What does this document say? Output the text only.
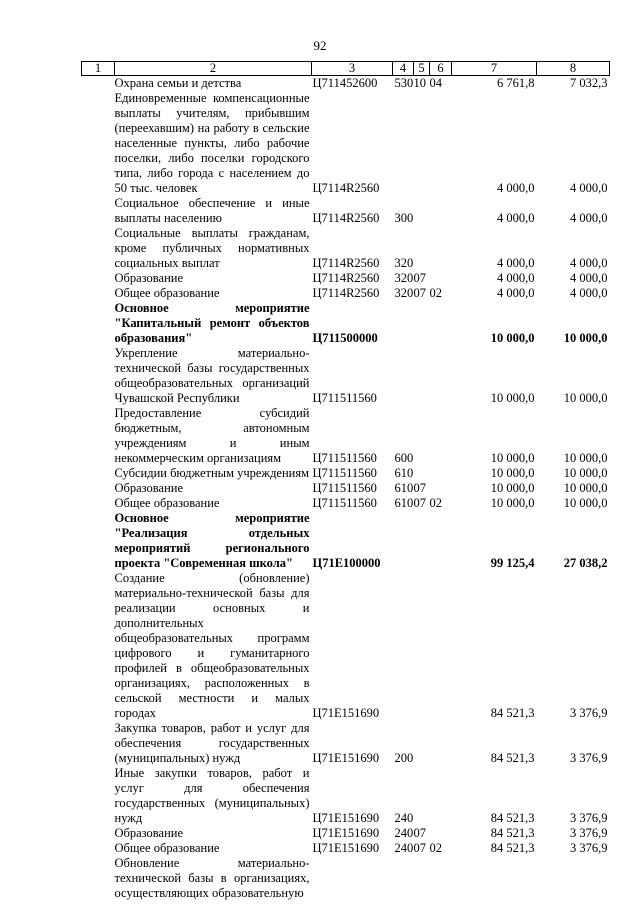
92
1	2	3	4	5	6	7	8
	Охрана семьи и детства	Ц711452600	530	10	04	6 761,8	7 032,3
	Единовременные компенсационные выплаты учителям, прибывшим (переехавшим) на работу в сельские населенные пункты, либо рабочие поселки, либо поселки городского типа, либо города с населением до 50 тыс. человек	Ц7114R2560				4 000,0	4 000,0
	Социальное обеспечение и иные выплаты населению	Ц7114R2560	300			4 000,0	4 000,0
	Социальные выплаты гражданам, кроме публичных нормативных социальных выплат	Ц7114R2560	320			4 000,0	4 000,0
	Образование	Ц7114R2560	320	07		4 000,0	4 000,0
	Общее образование	Ц7114R2560	320	07	02	4 000,0	4 000,0
	Основное мероприятие "Капитальный ремонт объектов образования"	Ц711500000				10 000,0	10 000,0
	Укрепление материально-технической базы государственных общеобразовательных организаций Чувашской Республики	Ц711511560				10 000,0	10 000,0
	Предоставление субсидий бюджетным, автономным учреждениям и иным некоммерческим организациям	Ц711511560	600			10 000,0	10 000,0
	Субсидии бюджетным учреждениям	Ц711511560	610			10 000,0	10 000,0
	Образование	Ц711511560	610	07		10 000,0	10 000,0
	Общее образование	Ц711511560	610	07	02	10 000,0	10 000,0
	Основное мероприятие "Реализация отдельных мероприятий регионального проекта "Современная школа"	Ц71Е100000				99 125,4	27 038,2
	Создание (обновление) материально-технической базы для реализации основных и дополнительных общеобразовательных программ цифрового и гуманитарного профилей в общеобразовательных организациях, расположенных в сельской местности и малых городах	Ц71Е151690				84 521,3	3 376,9
	Закупка товаров, работ и услуг для обеспечения государственных (муниципальных) нужд	Ц71Е151690	200			84 521,3	3 376,9
	Иные закупки товаров, работ и услуг для обеспечения государственных (муниципальных) нужд	Ц71Е151690	240			84 521,3	3 376,9
	Образование	Ц71Е151690	240	07		84 521,3	3 376,9
	Общее образование	Ц71Е151690	240	07	02	84 521,3	3 376,9
	Обновление материально-технической базы в организациях, осуществляющих образовательную						
